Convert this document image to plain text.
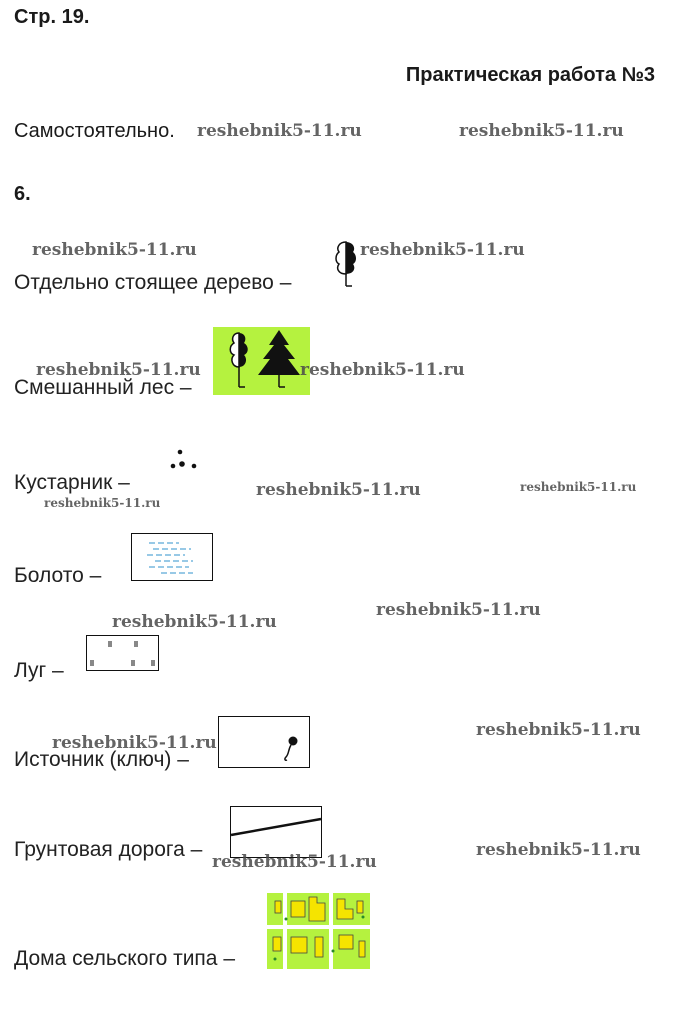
Стр. 19.
Практическая работа №3
Самостоятельно.
6.
Отдельно стоящее дерево –
Смешанный лес –
Кустарник –
Болото –
Луг –
Источник (ключ) –
Грунтовая дорога –
Дома сельского типа –
reshebnik5-11.ru	reshebnik5-11.ru
reshebnik5-11.ru	reshebnik5-11.ru
reshebnik5-11.ru	reshebnik5-11.ru
reshebnik5-11.ru	reshebnik5-11.ru
reshebnik5-11.ru
reshebnik5-11.ru
reshebnik5-11.ru
reshebnik5-11.ru
reshebnik5-11.ru
reshebnik5-11.ru
reshebnik5-11.ru
